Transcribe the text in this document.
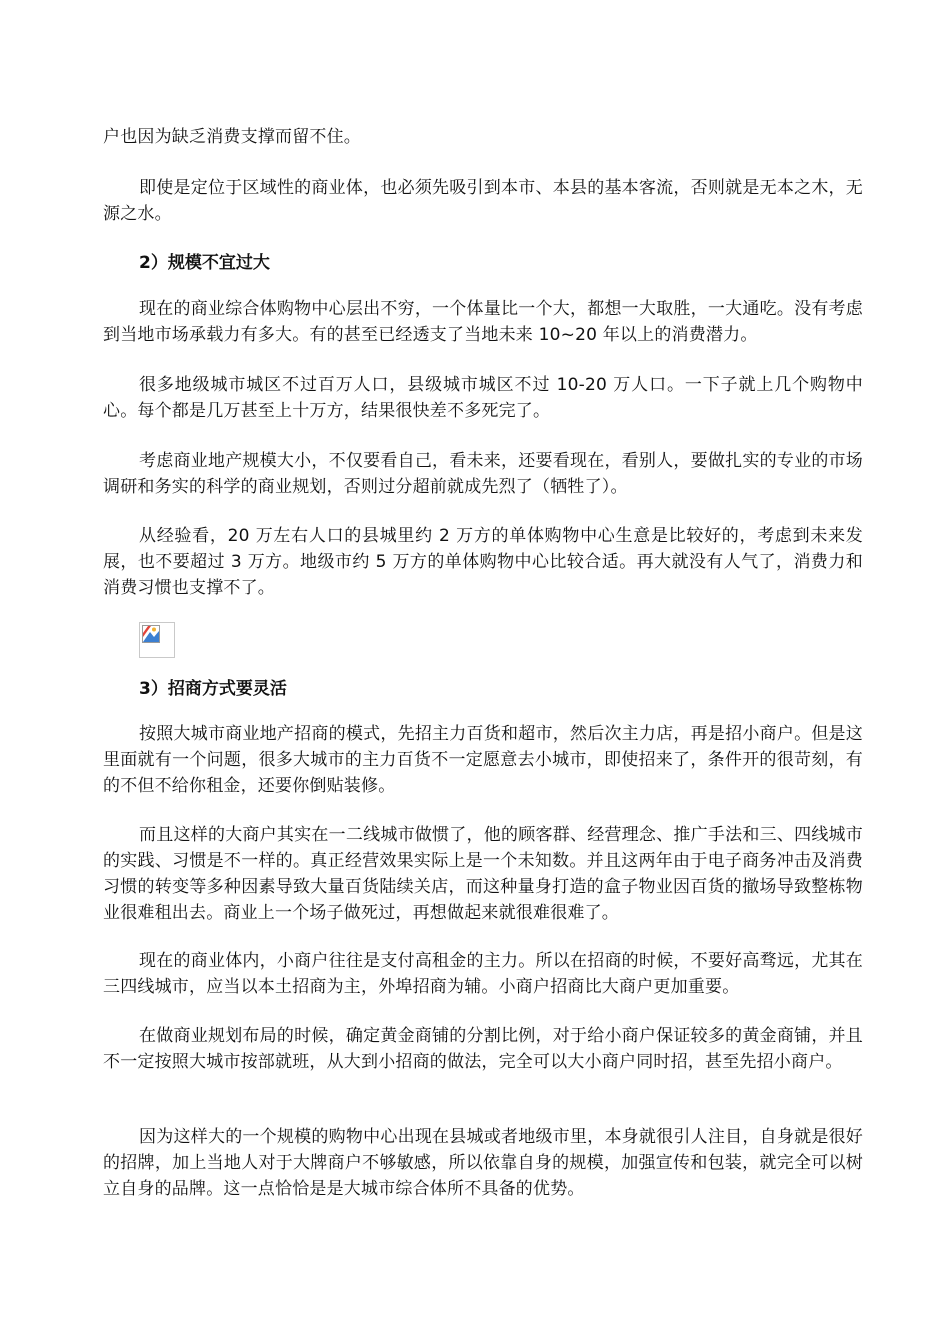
户也因为缺乏消费支撑而留不住。

即使是定位于区域性的商业体，也必须先吸引到本市、本县的基本客流，否则就是无本之木，无源之水。

2）规模不宜过大

现在的商业综合体购物中心层出不穷，一个体量比一个大，都想一大取胜，一大通吃。没有考虑到当地市场承载力有多大。有的甚至已经透支了当地未来 10~20 年以上的消费潜力。

很多地级城市城区不过百万人口，县级城市城区不过 10-20 万人口。一下子就上几个购物中心。每个都是几万甚至上十万方，结果很快差不多死完了。

考虑商业地产规模大小，不仅要看自己，看未来，还要看现在，看别人，要做扎实的专业的市场调研和务实的科学的商业规划，否则过分超前就成先烈了（牺牲了）。

从经验看，20 万左右人口的县城里约 2 万方的单体购物中心生意是比较好的，考虑到未来发展，也不要超过 3 万方。地级市约 5 万方的单体购物中心比较合适。再大就没有人气了，消费力和消费习惯也支撑不了。

3）招商方式要灵活

按照大城市商业地产招商的模式，先招主力百货和超市，然后次主力店，再是招小商户。但是这里面就有一个问题，很多大城市的主力百货不一定愿意去小城市，即使招来了，条件开的很苛刻，有的不但不给你租金，还要你倒贴装修。

而且这样的大商户其实在一二线城市做惯了，他的顾客群、经营理念、推广手法和三、四线城市的实践、习惯是不一样的。真正经营效果实际上是一个未知数。并且这两年由于电子商务冲击及消费习惯的转变等多种因素导致大量百货陆续关店，而这种量身打造的盒子物业因百货的撤场导致整栋物业很难租出去。商业上一个场子做死过，再想做起来就很难很难了。

现在的商业体内，小商户往往是支付高租金的主力。所以在招商的时候，不要好高骛远，尤其在三四线城市，应当以本土招商为主，外埠招商为辅。小商户招商比大商户更加重要。

在做商业规划布局的时候，确定黄金商铺的分割比例，对于给小商户保证较多的黄金商铺，并且不一定按照大城市按部就班，从大到小招商的做法，完全可以大小商户同时招，甚至先招小商户。

因为这样大的一个规模的购物中心出现在县城或者地级市里，本身就很引人注目，自身就是很好的招牌，加上当地人对于大牌商户不够敏感，所以依靠自身的规模，加强宣传和包装，就完全可以树立自身的品牌。这一点恰恰是是大城市综合体所不具备的优势。
